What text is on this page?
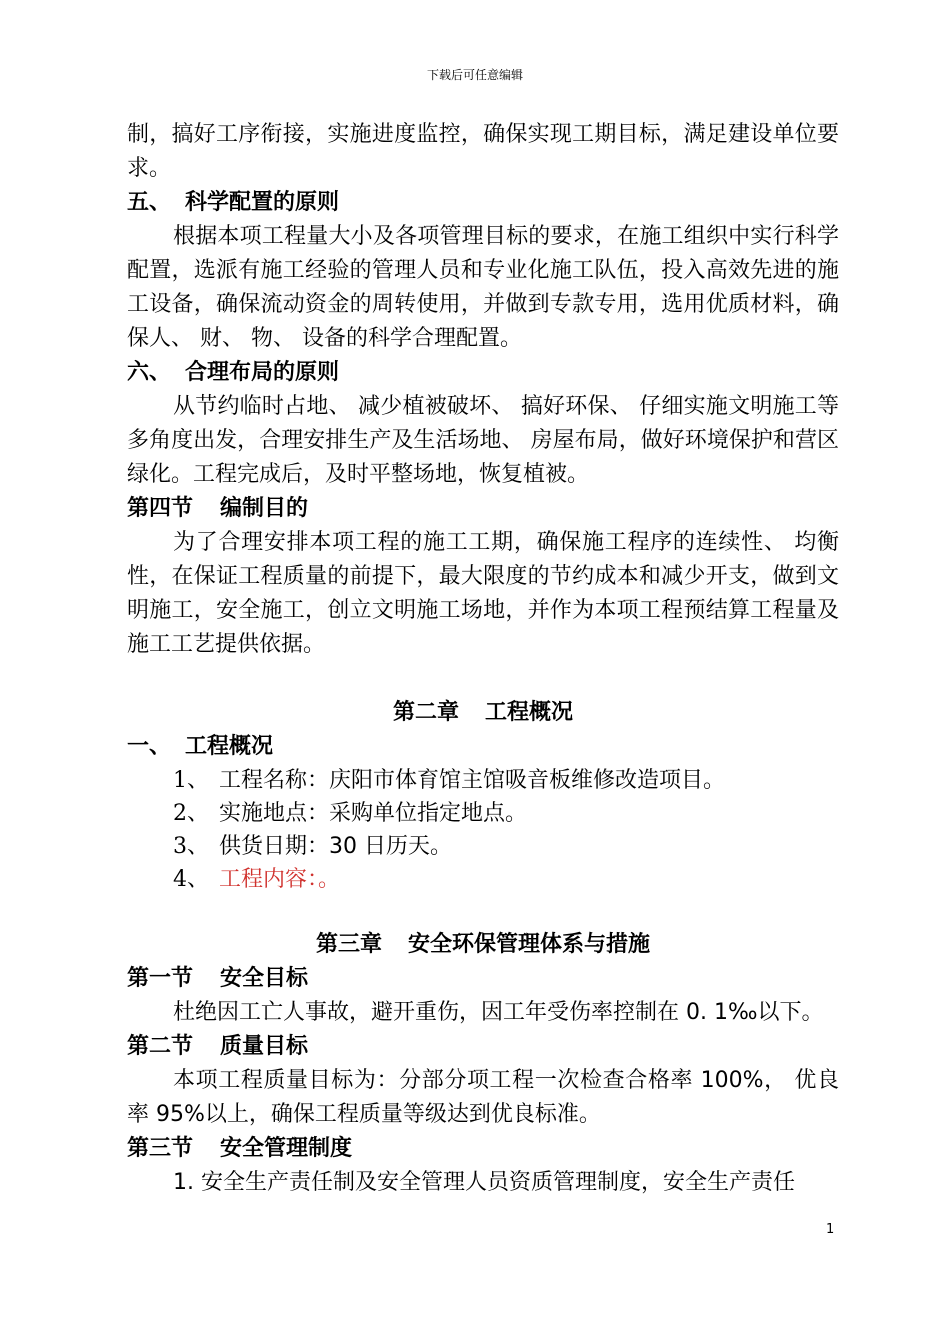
下载后可任意编辑

制，搞好工序衔接，实施进度监控，确保实现工期目标，满足建设单位要求。

五、 科学配置的原则

根据本项工程量大小及各项管理目标的要求，在施工组织中实行科学配置，选派有施工经验的管理人员和专业化施工队伍，投入高效先进的施工设备，确保流动资金的周转使用，并做到专款专用，选用优质材料，确保人、 财、 物、 设备的科学合理配置。

六、 合理布局的原则

从节约临时占地、 减少植被破坏、 搞好环保、 仔细实施文明施工等多角度出发，合理安排生产及生活场地、 房屋布局，做好环境保护和营区绿化。工程完成后，及时平整场地，恢复植被。

第四节 编制目的

为了合理安排本项工程的施工工期，确保施工程序的连续性、 均衡性，在保证工程质量的前提下，最大限度的节约成本和减少开支，做到文明施工，安全施工，创立文明施工场地，并作为本项工程预结算工程量及施工工艺提供依据。

第二章 工程概况

一、 工程概况

1、 工程名称：庆阳市体育馆主馆吸音板维修改造项目。

2、 实施地点：采购单位指定地点。

3、 供货日期：30 日历天。

4、 工程内容：。

第三章 安全环保管理体系与措施

第一节 安全目标

杜绝因工亡人事故，避开重伤，因工年受伤率控制在 0. 1‰以下。

第二节 质量目标

本项工程质量目标为：分部分项工程一次检查合格率 100%， 优良率 95%以上，确保工程质量等级达到优良标准。

第三节 安全管理制度

1. 安全生产责任制及安全管理人员资质管理制度，安全生产责任

1
